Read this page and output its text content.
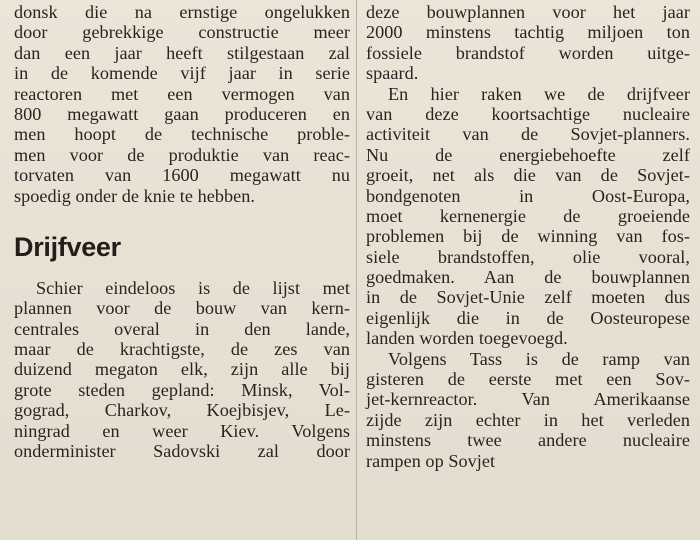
donsk die na ernstige ongelukken
door gebrekkige constructie meer
dan een jaar heeft stilgestaan zal
in de komende vijf jaar in serie
reactoren met een vermogen van
800 megawatt gaan produceren en
men hoopt de technische proble-
men voor de produktie van reac-
torvaten van 1600 megawatt nu
spoedig onder de knie te hebben.
Drijfveer
Schier eindeloos is de lijst met
plannen voor de bouw van kern-
centrales overal in den lande,
maar de krachtigste, de zes van
duizend megaton elk, zijn alle bij
grote steden gepland: Minsk, Vol-
gograd, Charkov, Koejbisjev, Le-
ningrad en weer Kiev. Volgens
onderminister Sadovski zal door
deze bouwplannen voor het jaar
2000 minstens tachtig miljoen ton
fossiele brandstof worden uitge-
spaard.
En hier raken we de drijfveer
van deze koortsachtige nucleaire
activiteit van de Sovjet-planners.
Nu de energiebehoefte zelf
groeit, net als die van de Sovjet-
bondgenoten in Oost-Europa,
moet kernenergie de groeiende
problemen bij de winning van fos-
siele brandstoffen, olie vooral,
goedmaken. Aan de bouwplannen
in de Sovjet-Unie zelf moeten dus
eigenlijk die in de Oosteuropese
landen worden toegevoegd.
Volgens Tass is de ramp van
gisteren de eerste met een Sov-
jet-kernreactor. Van Amerikaanse
zijde zijn echter in het verleden
minstens twee andere nucleaire
rampen op Sovjet
